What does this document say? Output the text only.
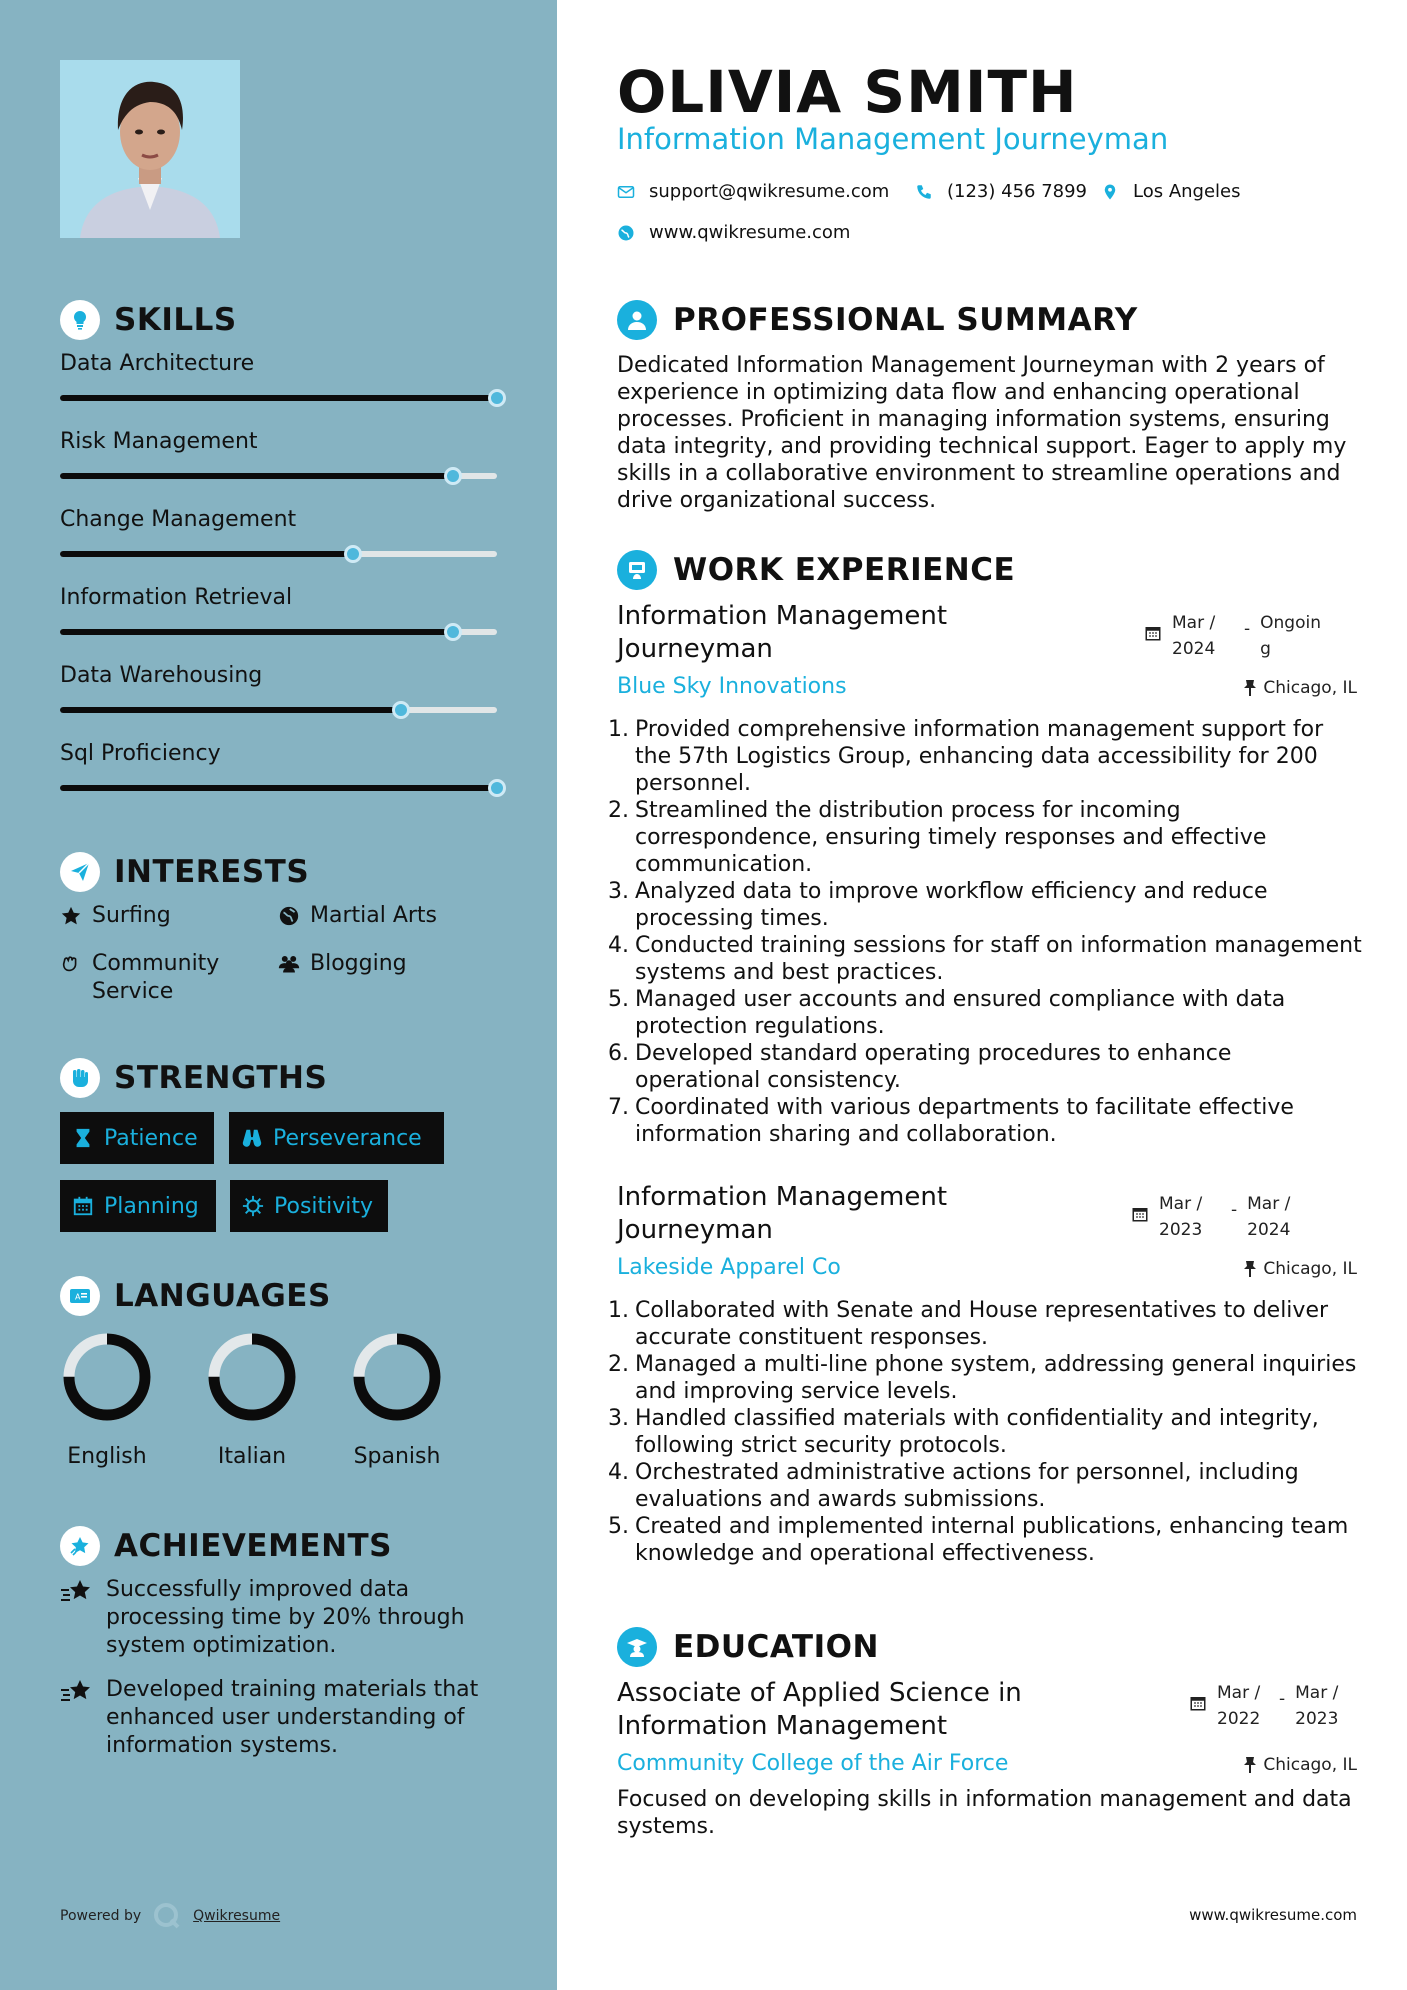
SKILLS
Data Architecture
Risk Management
Change Management
Information Retrieval
Data Warehousing
Sql Proficiency
INTERESTS
Surfing	Martial Arts
Community
Service
Blogging
STRENGTHS
Patience	Perseverance
Planning	Positivity
A LANGUAGES
English	Italian	Spanish
ACHIEVEMENTS
Successfully improved data processing time by 20% through system optimization.
Developed training materials that enhanced user understanding of information systems.
Powered by	Qwikresume
OLIVIA SMITH
Information Management Journeyman
support@qwikresume.com	(123) 456 7899	Los Angeles
www.qwikresume.com
PROFESSIONAL SUMMARY
Dedicated Information Management Journeyman with 2 years of experience in optimizing data flow and enhancing operational processes. Proficient in managing information systems, ensuring data integrity, and providing technical support. Eager to apply my skills in a collaborative environment to streamline operations and drive organizational success.
WORK EXPERIENCE
Information Management Journeyman
Mar /
2024
- Ongoin
g
Blue Sky Innovations	Chicago, IL
1. Provided comprehensive information management support for the 57th Logistics Group, enhancing data accessibility for 200 personnel.
2. Streamlined the distribution process for incoming correspondence, ensuring timely responses and effective communication.
3. Analyzed data to improve workflow efficiency and reduce processing times.
4. Conducted training sessions for staff on information management systems and best practices.
5. Managed user accounts and ensured compliance with data protection regulations.
6. Developed standard operating procedures to enhance operational consistency.
7. Coordinated with various departments to facilitate effective information sharing and collaboration.
Information Management Journeyman
Mar /
2023
- Mar /
2024
Lakeside Apparel Co	Chicago, IL
1. Collaborated with Senate and House representatives to deliver accurate constituent responses.
2. Managed a multi-line phone system, addressing general inquiries and improving service levels.
3. Handled classified materials with confidentiality and integrity, following strict security protocols.
4. Orchestrated administrative actions for personnel, including evaluations and awards submissions.
5. Created and implemented internal publications, enhancing team knowledge and operational effectiveness.
EDUCATION
Associate of Applied Science in Information Management
Mar /
2022
- Mar /
2023
Community College of the Air Force	Chicago, IL
Focused on developing skills in information management and data systems.
www.qwikresume.com
